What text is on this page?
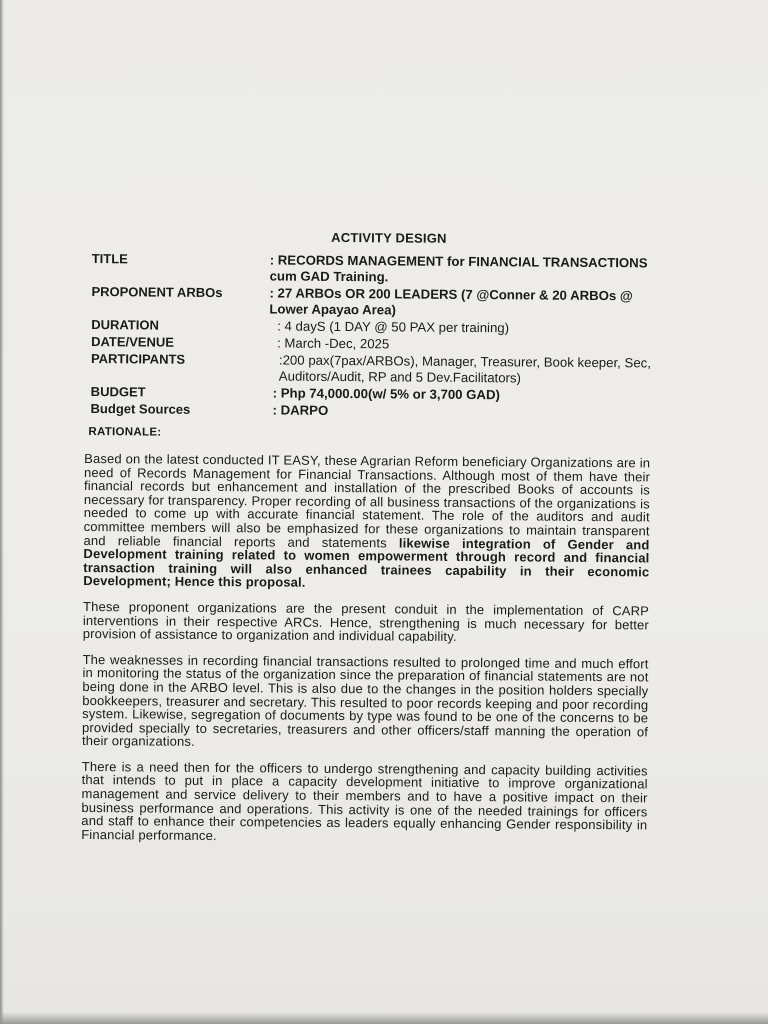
ACTIVITY DESIGN
TITLE	: RECORDS MANAGEMENT for FINANCIAL TRANSACTIONS cum GAD Training.
PROPONENT ARBOs	: 27 ARBOs OR 200 LEADERS (7 @Conner & 20 ARBOs @ Lower Apayao Area)
DURATION	: 4 dayS (1 DAY @ 50 PAX per training)
DATE/VENUE	: March -Dec, 2025
PARTICIPANTS	:200 pax(7pax/ARBOs), Manager, Treasurer, Book keeper, Sec, Auditors/Audit, RP and 5 Dev.Facilitators)
BUDGET	: Php 74,000.00(w/ 5% or 3,700 GAD)
Budget Sources	: DARPO
RATIONALE:

Based on the latest conducted IT EASY, these Agrarian Reform beneficiary Organizations are in need of Records Management for Financial Transactions. Although most of them have their financial records but enhancement and installation of the prescribed Books of accounts is necessary for transparency. Proper recording of all business transactions of the organizations is needed to come up with accurate financial statement. The role of the auditors and audit committee members will also be emphasized for these organizations to maintain transparent and reliable financial reports and statements likewise integration of Gender and Development training related to women empowerment through record and financial transaction training will also enhanced trainees capability in their economic Development; Hence this proposal.

These proponent organizations are the present conduit in the implementation of CARP interventions in their respective ARCs. Hence, strengthening is much necessary for better provision of assistance to organization and individual capability.

The weaknesses in recording financial transactions resulted to prolonged time and much effort in monitoring the status of the organization since the preparation of financial statements are not being done in the ARBO level. This is also due to the changes in the position holders specially bookkeepers, treasurer and secretary. This resulted to poor records keeping and poor recording system. Likewise, segregation of documents by type was found to be one of the concerns to be provided specially to secretaries, treasurers and other officers/staff manning the operation of their organizations.

There is a need then for the officers to undergo strengthening and capacity building activities that intends to put in place a capacity development initiative to improve organizational management and service delivery to their members and to have a positive impact on their business performance and operations. This activity is one of the needed trainings for officers and staff to enhance their competencies as leaders equally enhancing Gender responsibility in Financial performance.
